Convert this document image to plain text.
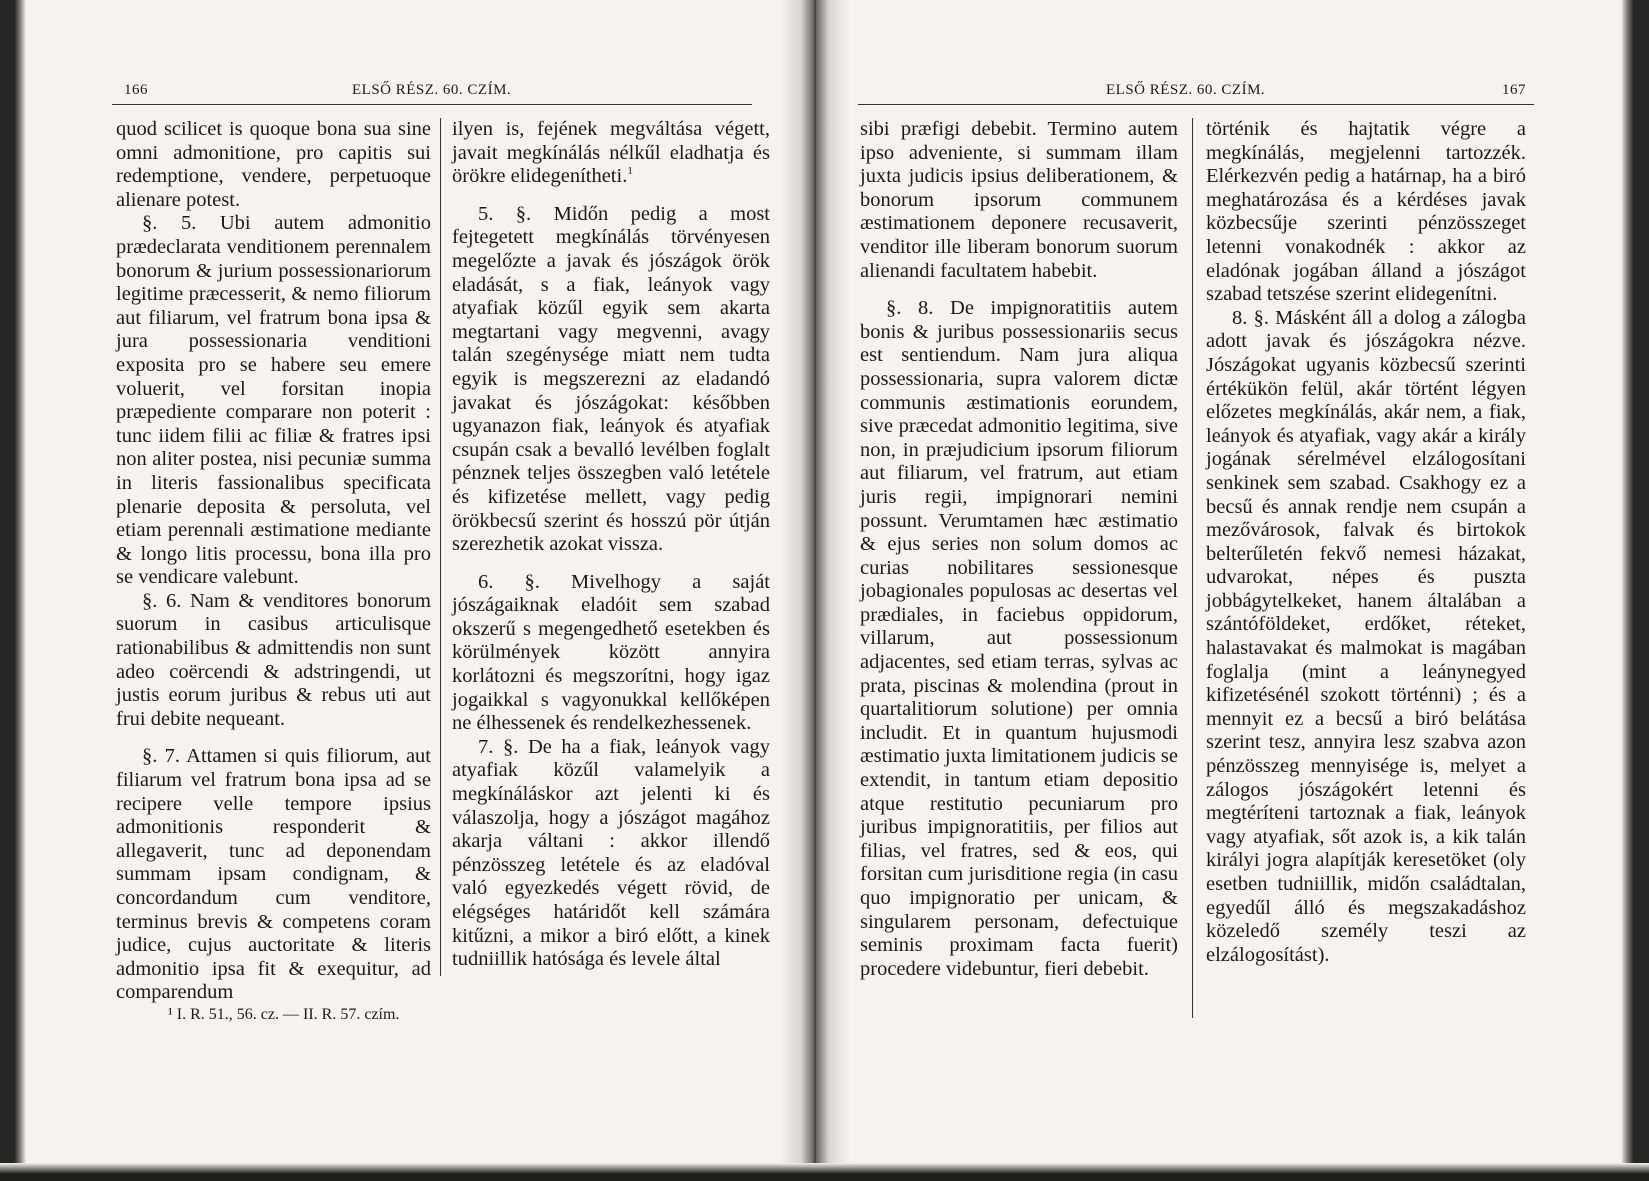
166	ELSŐ RÉSZ. 60. CZÍM.

quod scilicet is quoque bona sua sine omni admonitione, pro capitis sui redemptione, vendere, perpetuoque alienare potest.

§. 5. Ubi autem admonitio prædeclarata venditionem perennalem bonorum & jurium possessionariorum legitime præcesserit, & nemo filiorum aut filiarum, vel fratrum bona ipsa & jura possessionaria venditioni exposita pro se habere seu emere voluerit, vel forsitan inopia præpediente comparare non poterit : tunc iidem filii ac filiæ & fratres ipsi non aliter postea, nisi pecuniæ summa in literis fassionalibus specificata plenarie deposita & persoluta, vel etiam perennali æstimatione mediante & longo litis processu, bona illa pro se vendicare valebunt.

§. 6. Nam & venditores bonorum suorum in casibus articulisque rationabilibus & admittendis non sunt adeo coërcendi & adstringendi, ut justis eorum juribus & rebus uti aut frui debite nequeant.

§. 7. Attamen si quis filiorum, aut filiarum vel fratrum bona ipsa ad se recipere velle tempore ipsius admonitionis responderit & allegaverit, tunc ad deponendam summam ipsam condignam, & concordandum cum venditore, terminus brevis & competens coram judice, cujus auctoritate & literis admonitio ipsa fit & exequitur, ad comparendum

ilyen is, fejének megváltása végett, javait megkínálás nélkűl eladhatja és örökre elidegenítheti.$^1$

5. §. Midőn pedig a most fejtegetett megkínálás törvényesen megelőzte a javak és jószágok örök eladását, s a fiak, leányok vagy atyafiak közűl egyik sem akarta megtartani vagy megvenni, avagy talán szegénysége miatt nem tudta egyik is megszerezni az eladandó javakat és jószágokat: későbben ugyanazon fiak, leányok és atyafiak csupán csak a bevalló levélben foglalt pénznek teljes összegben való letétele és kifizetése mellett, vagy pedig örökbecsű szerint és hosszú pör útján szerezhetik azokat vissza.

6. §. Mivelhogy a saját jószágaiknak eladóit sem szabad okszerű s megengedhető esetekben és körülmények között annyira korlátozni és megszorítni, hogy igaz jogaikkal s vagyonukkal kellőképen ne élhessenek és rendelkezhessenek.

7. §. De ha a fiak, leányok vagy atyafiak közűl valamelyik a megkínáláskor azt jelenti ki és válaszolja, hogy a jószágot magához akarja váltani : akkor illendő pénzösszeg letétele és az eladóval való egyezkedés végett rövid, de elégséges határidőt kell számára kitűzni, a mikor a biró előtt, a kinek tudniillik hatósága és levele által

¹ I. R. 51., 56. cz. — II. R. 57. czím.
ELSŐ RÉSZ. 60. CZÍM.	167

sibi præfigi debebit. Termino autem ipso adveniente, si summam illam juxta judicis ipsius deliberationem, & bonorum ipsorum communem æstimationem deponere recusaverit, venditor ille liberam bonorum suorum alienandi facultatem habebit.

§. 8. De impignoratitiis autem bonis & juribus possessionariis secus est sentiendum. Nam jura aliqua possessionaria, supra valorem dictæ communis æstimationis eorundem, sive præcedat admonitio legitima, sive non, in præjudicium ipsorum filiorum aut filiarum, vel fratrum, aut etiam juris regii, impignorari nemini possunt. Verumtamen hæc æstimatio & ejus series non solum domos ac curias nobilitares sessionesque jobagionales populosas ac desertas vel prædiales, in faciebus oppidorum, villarum, aut possessionum adjacentes, sed etiam terras, sylvas ac prata, piscinas & molendina (prout in quartalitiorum solutione) per omnia includit. Et in quantum hujusmodi æstimatio juxta limitationem judicis se extendit, in tantum etiam depositio atque restitutio pecuniarum pro juribus impignoratitiis, per filios aut filias, vel fratres, sed & eos, qui forsitan cum jurisditione regia (in casu quo impignoratio per unicam, & singularem personam, defectuique seminis proximam facta fuerit) procedere videbuntur, fieri debebit.

történik és hajtatik végre a megkínálás, megjelenni tartozzék. Elérkezvén pedig a határnap, ha a biró meghatározása és a kérdéses javak közbecsűje szerinti pénzösszeget letenni vonakodnék : akkor az eladónak jogában álland a jószágot szabad tetszése szerint elidegenítni.

8. §. Másként áll a dolog a zálogba adott javak és jószágokra nézve. Jószágokat ugyanis közbecsű szerinti értékükön felül, akár történt légyen előzetes megkínálás, akár nem, a fiak, leányok és atyafiak, vagy akár a király jogának sérelmével elzálogosítani senkinek sem szabad. Csakhogy ez a becsű és annak rendje nem csupán a mezővárosok, falvak és birtokok belterűletén fekvő nemesi házakat, udvarokat, népes és puszta jobbágytelkeket, hanem általában a szántóföldeket, erdőket, réteket, halastavakat és malmokat is magában foglalja (mint a leánynegyed kifizetésénél szokott történni) ; és a mennyit ez a becsű a biró belátása szerint tesz, annyira lesz szabva azon pénzösszeg mennyisége is, melyet a zálogos jószágokért letenni és megtéríteni tartoznak a fiak, leányok vagy atyafiak, sőt azok is, a kik talán királyi jogra alapítják keresetöket (oly esetben tudniillik, midőn családtalan, egyedűl álló és megszakadáshoz közeledő személy teszi az elzálogosítást).
